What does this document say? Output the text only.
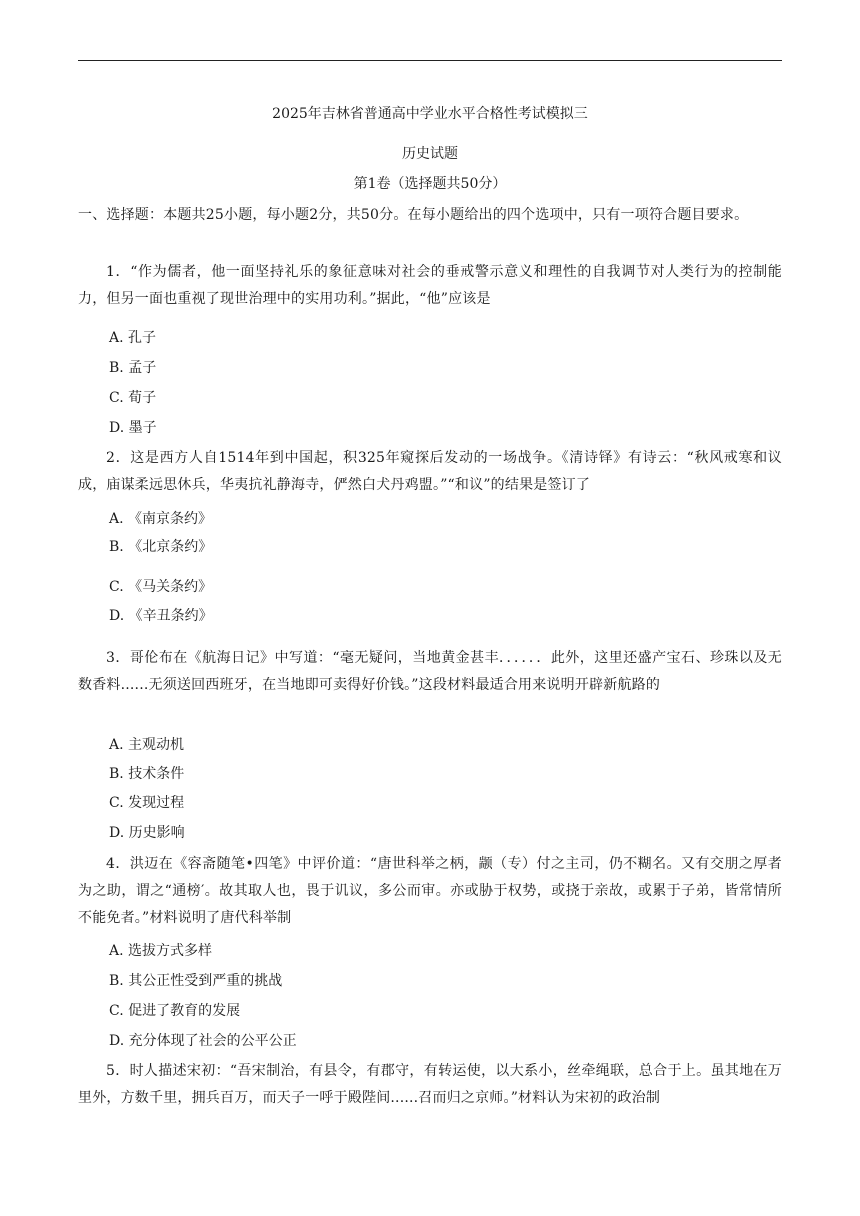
2025年吉林省普通高中学业水平合格性考试模拟三
历史试题
第1卷（选择题共50分）
一、选择题：本题共25小题，每小题2分，共50分。在每小题给出的四个选项中，只有一项符合题目要求。
1．“作为儒者，他一面坚持礼乐的象征意味对社会的垂戒警示意义和理性的自我调节对人类行为的控制能力，但另一面也重视了现世治理中的实用功利。”据此，“他”应该是
A. 孔子
B. 孟子
C. 荀子
D. 墨子
2．这是西方人自1514年到中国起，积325年窥探后发动的一场战争。《清诗铎》有诗云：“秋风戒寒和议成，庙谋柔远思休兵，华夷抗礼静海寺，俨然白犬丹鸡盟。”“和议”的结果是签订了
A. 《南京条约》
B. 《北京条约》
C. 《马关条约》
D. 《辛丑条约》
3．哥伦布在《航海日记》中写道：“毫无疑问，当地黄金甚丰．．．．．．此外，这里还盛产宝石、珍珠以及无数香料......无须送回西班牙，在当地即可卖得好价钱。”这段材料最适合用来说明开辟新航路的
A. 主观动机
B. 技术条件
C. 发现过程
D. 历史影响
4．洪迈在《容斋随笔•四笔》中评价道：“唐世科举之柄，颛（专）付之主司，仍不糊名。又有交朋之厚者为之助，谓之“通榜′。故其取人也，畏于讥议，多公而审。亦或胁于权势，或挠于亲故，或累于子弟，皆常情所不能免者。”材料说明了唐代科举制
A. 选拔方式多样
B. 其公正性受到严重的挑战
C. 促进了教育的发展
D. 充分体现了社会的公平公正
5．时人描述宋初：“吾宋制治，有县令，有郡守，有转运使，以大系小，丝牵绳联，总合于上。虽其地在万里外，方数千里，拥兵百万，而天子一呼于殿陛间......召而归之京师。”材料认为宋初的政治制
